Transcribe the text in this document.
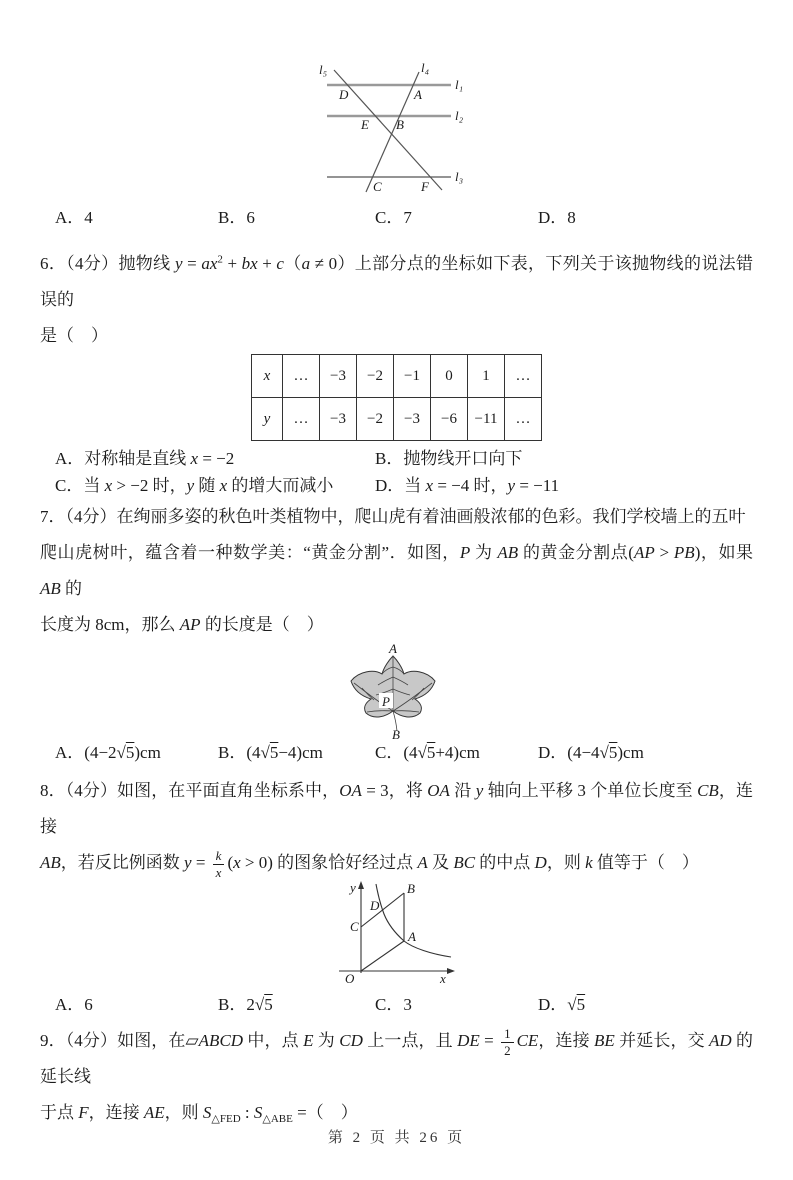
l₅	l₄
l₁
l₂
l₃
D	A
E B
C	F
A．4	B．6	C．7	D．8

6．（4分）抛物线 $y = ax^2$ + bx + c（a ≠ 0）上部分点的坐标如下表，下列关于该抛物线的说法错误的
是（　）

x	…	−3	−2	−1	0	1	…
y	…	−3	−2	−3	−6	−11	…
A．对称轴是直线 x = −2	B．抛物线开口向下
C．当 x > −2 时，y 随 x 的增大而减小	D．当 x = −4 时，y = −11

7．（4分）在绚丽多姿的秋色叶类植物中，爬山虎有着油画般浓郁的色彩。我们学校墙上的五叶
爬山虎树叶，蕴含着一种数学美：“黄金分割”．如图，P 为 AB 的黄金分割点(AP > PB)，如果 AB 的
长度为 8cm，那么 AP 的长度是（　）

P
A
B
A．(4−2√5)cm	B．(4√5−4)cm	C．(4√5+4)cm	D．(4−4√5)cm

8．（4分）如图，在平面直角坐标系中，OA = 3，将 OA 沿 y 轴向上平移 3 个单位长度至 CB，连接
AB，若反比例函数 $y = \frac{k}{x} (x > 0)$ 的图象恰好经过点 A 及 BC 的中点 D，则 k 值等于（　）

y
x
O
B
D
C
A
A．6	B．2√5	C．3	D．√5

9．（4分）如图，在▱ABCD 中，点 E 为 CD 上一点，且 DE = $\frac{1}{2}$ CE，连接 BE 并延长，交 AD 的延长线
于点 F，连接 AE，则 $S_{\triangle FED}$ : $S_{\triangle ABE}$ =（　）

第 2 页 共 26 页
